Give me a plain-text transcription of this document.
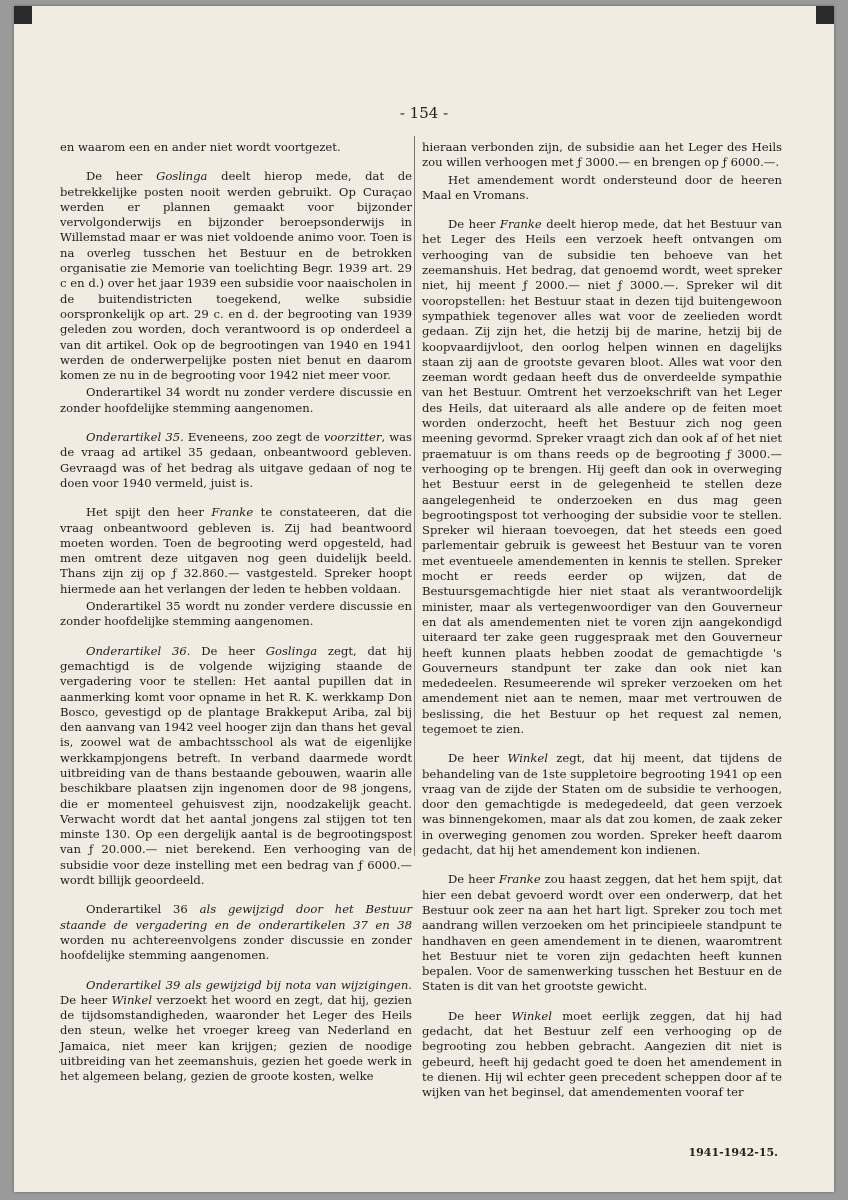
- 154 -

en waarom een en ander niet wordt voortgezet.

De heer Goslinga deelt hierop mede, dat de betrekkelijke posten nooit werden gebruikt. Op Curaçao werden er plannen gemaakt voor bijzonder vervolgonderwijs en bijzonder beroepsonderwijs in Willemstad maar er was niet voldoende animo voor. Toen is na overleg tusschen het Bestuur en de betrokken organisatie zie Memorie van toelichting Begr. 1939 art. 29 c en d.) over het jaar 1939 een subsidie voor naaischolen in de buitendistricten toegekend, welke subsidie oorspronkelijk op art. 29 c. en d. der begrooting van 1939 geleden zou worden, doch verantwoord is op onderdeel a van dit artikel. Ook op de begrootingen van 1940 en 1941 werden de onderwerpelijke posten niet benut en daarom komen ze nu in de begrooting voor 1942 niet meer voor.

Onderartikel 34 wordt nu zonder verdere discussie en zonder hoofdelijke stemming aangenomen.

Onderartikel 35. Eveneens, zoo zegt de voorzitter, was de vraag ad artikel 35 gedaan, onbeantwoord gebleven. Gevraagd was of het bedrag als uitgave gedaan of nog te doen voor 1940 vermeld, juist is.

Het spijt den heer Franke te constateeren, dat die vraag onbeantwoord gebleven is. Zij had beantwoord moeten worden. Toen de begrooting werd opgesteld, had men omtrent deze uitgaven nog geen duidelijk beeld. Thans zijn zij op ƒ 32.860.— vastgesteld. Spreker hoopt hiermede aan het verlangen der leden te hebben voldaan.

Onderartikel 35 wordt nu zonder verdere discussie en zonder hoofdelijke stemming aangenomen.

Onderartikel 36. De heer Goslinga zegt, dat hij gemachtigd is de volgende wijziging staande de vergadering voor te stellen: Het aantal pupillen dat in aanmerking komt voor opname in het R. K. werkkamp Don Bosco, gevestigd op de plantage Brakkeput Ariba, zal bij den aanvang van 1942 veel hooger zijn dan thans het geval is, zoowel wat de ambachtsschool als wat de eigenlijke werkkampjongens betreft. In verband daarmede wordt uitbreiding van de thans bestaande gebouwen, waarin alle beschikbare plaatsen zijn ingenomen door de 98 jongens, die er momenteel gehuisvest zijn, noodzakelijk geacht. Verwacht wordt dat het aantal jongens zal stijgen tot ten minste 130. Op een dergelijk aantal is de begrootingspost van ƒ 20.000.— niet berekend. Een verhooging van de subsidie voor deze instelling met een bedrag van ƒ 6000.— wordt billijk geoordeeld.

Onderartikel 36 als gewijzigd door het Bestuur staande de vergadering en de onderartikelen 37 en 38 worden nu achtereenvolgens zonder discussie en zonder hoofdelijke stemming aangenomen.

Onderartikel 39 als gewijzigd bij nota van wijzigingen. De heer Winkel verzoekt het woord en zegt, dat hij, gezien de tijdsomstandigheden, waaronder het Leger des Heils den steun, welke het vroeger kreeg van Nederland en Jamaica, niet meer kan krijgen; gezien de noodige uitbreiding van het zeemanshuis, gezien het goede werk in het algemeen belang, gezien de groote kosten, welke

hieraan verbonden zijn, de subsidie aan het Leger des Heils zou willen verhoogen met ƒ 3000.— en brengen op ƒ 6000.—.

Het amendement wordt ondersteund door de heeren Maal en Vromans.

De heer Franke deelt hierop mede, dat het Bestuur van het Leger des Heils een verzoek heeft ontvangen om verhooging van de subsidie ten behoeve van het zeemanshuis. Het bedrag, dat genoemd wordt, weet spreker niet, hij meent ƒ 2000.— niet ƒ 3000.—. Spreker wil dit vooropstellen: het Bestuur staat in dezen tijd buitengewoon sympathiek tegenover alles wat voor de zeelieden wordt gedaan. Zij zijn het, die hetzij bij de marine, hetzij bij de koopvaardijvloot, den oorlog helpen winnen en dagelijks staan zij aan de grootste gevaren bloot. Alles wat voor den zeeman wordt gedaan heeft dus de onverdeelde sympathie van het Bestuur. Omtrent het verzoekschrift van het Leger des Heils, dat uiteraard als alle andere op de feiten moet worden onderzocht, heeft het Bestuur zich nog geen meening gevormd. Spreker vraagt zich dan ook af of het niet praematuur is om thans reeds op de begrooting ƒ 3000.— verhooging op te brengen. Hij geeft dan ook in overweging het Bestuur eerst in de gelegenheid te stellen deze aangelegenheid te onderzoeken en dus mag geen begrootingspost tot verhooging der subsidie voor te stellen. Spreker wil hieraan toevoegen, dat het steeds een goed parlementair gebruik is geweest het Bestuur van te voren met eventueele amendementen in kennis te stellen. Spreker mocht er reeds eerder op wijzen, dat de Bestuursgemachtigde hier niet staat als verantwoordelijk minister, maar als vertegenwoordiger van den Gouverneur en dat als amendementen niet te voren zijn aangekondigd uiteraard ter zake geen ruggespraak met den Gouverneur heeft kunnen plaats hebben zoodat de gemachtigde 's Gouverneurs standpunt ter zake dan ook niet kan mededeelen. Resumeerende wil spreker verzoeken om het amendement niet aan te nemen, maar met vertrouwen de beslissing, die het Bestuur op het request zal nemen, tegemoet te zien.

De heer Winkel zegt, dat hij meent, dat tijdens de behandeling van de 1ste suppletoire begrooting 1941 op een vraag van de zijde der Staten om de subsidie te verhoogen, door den gemachtigde is medegedeeld, dat geen verzoek was binnengekomen, maar als dat zou komen, de zaak zeker in overweging genomen zou worden. Spreker heeft daarom gedacht, dat hij het amendement kon indienen.

De heer Franke zou haast zeggen, dat het hem spijt, dat hier een debat gevoerd wordt over een onderwerp, dat het Bestuur ook zeer na aan het hart ligt. Spreker zou toch met aandrang willen verzoeken om het principieele standpunt te handhaven en geen amendement in te dienen, waaromtrent het Bestuur niet te voren zijn gedachten heeft kunnen bepalen. Voor de samenwerking tusschen het Bestuur en de Staten is dit van het grootste gewicht.

De heer Winkel moet eerlijk zeggen, dat hij had gedacht, dat het Bestuur zelf een verhooging op de begrooting zou hebben gebracht. Aangezien dit niet is gebeurd, heeft hij gedacht goed te doen het amendement in te dienen. Hij wil echter geen precedent scheppen door af te wijken van het beginsel, dat amendementen vooraf ter

1941-1942-15.
